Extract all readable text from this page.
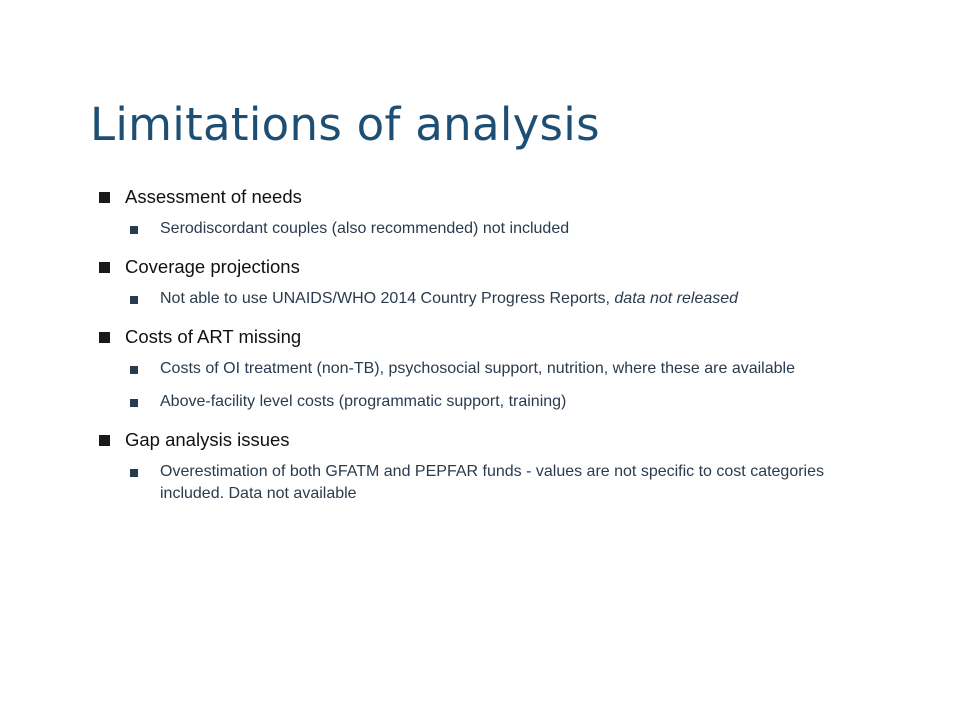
Limitations of analysis
Assessment of needs
Serodiscordant couples (also recommended) not included
Coverage projections
Not able to use UNAIDS/WHO 2014 Country Progress Reports, data not released
Costs of ART missing
Costs of OI treatment (non-TB), psychosocial support, nutrition, where these are available
Above-facility level costs (programmatic support, training)
Gap analysis issues
Overestimation of both GFATM and PEPFAR funds - values are not specific to cost categories included. Data not available
